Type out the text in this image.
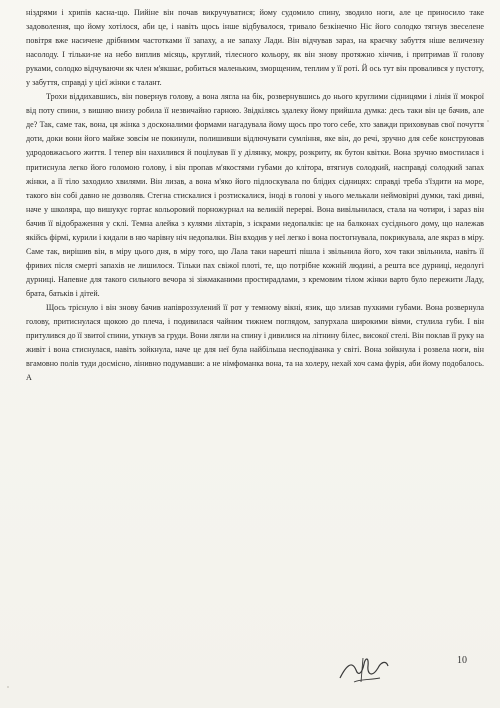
ніздрями і хрипів касна-що. Пийіне він почав викручуватися; йому судомило спину, зводило ноги, але це приносило таке задоволення, що йому хотілося, аби це, і навіть щось інше відбувалося, тривало безкінечно Ніс його солодко тягнув звеселене повітря вже насичене дрібнимм частотками її запаху, а не запаху Лади. Він відчував зараз, на краєчку забуття ніше величезну насолоду. І тільки-не на небо виплив місяць, круглий, тілесного кольору, як він знову протяжно хінчив, і притримав її голову руками, солодко відчуваючи як член м'якшає, робиться маленьким, зморщеним, теплим у її роті. Й ось тут він провалився у пустоту, у забуття, справді у цієї жінки є талант.

Трохи віддихавшись, він повернув голову, а вона лягла на бік, розвернувшись до нього круглими сідницями і лінія її мокрої від поту спини, з вишню внизу робила її незвичайно гарною. Звідкілясь здалеку йому прийшла думка: десь таки він це бачив, але де? Так, саме так, вона, ця жінка з досконалими формами нагадувала йому щось про того себе, хто завжди приховував свої почуття доти, доки вони його майже зовсім не покинули, полишивши відлючувати сумління, яке він, до речі, зручно для себе конструював удродовжасього життя. І тепер він нахилився й поцілував її у ділянку, мокру, розкриту, як бутон квітки. Вона зручно вмостилася і притиснула легко його голомою голову, і він пропав м'якостями губами до клітора, втягнув солодкий, насправді солодкий запах жінки, а її тіло заходило хвилями. Він лизав, а вона м'яко його підлоскувала по блідих сідницях: справді треба з'їздити на море, такого він собі давно не дозволяв. Стегна стискалися і розтискалися, іноді в голові у нього мелькали неймовірні думки, такі дивні, наче у школяра, що вишукує гортає кольоровий порножурнал на великій перерві. Вона вивільнилася, стала на чотири, і зараз він бачив її відображення у склі. Темна алейка з кулями ліхтарів, з іскрами недопалків: це на балконах сусіднього дому, що належав якійсь фірмі, курили і кидали в ню чарівну ніч недопалки. Він входив у неї легко і вона постогнувала, покрикувала, але якраз в міру. Саме так, вирішив він, в міру цього дня, в міру того, що Лала таки нарешті пішла і звільнила його, хоч таки звільнила, навіть її фривих після смерті запахів не лишилося. Тільки пах свіжої плоті, те, що потрібне кожній людині, а решта все дурниці, недолугі дурниці. Напевне для такого сильного вечора зі зіжмаканими простирадлами, з кремовим тілом жінки варто було пережити Ладу, брата, батьків і дітей.

Щось тріснуло і він знову бачив напівроззулений її рот у темному вікні, язик, що злизав пухкими губами. Вона розвернула голову, притиснулася щокою до плеча, і подивилася чайним тижнем поглядом, запурхала широкими віями, стулила губи. І він притулився до її звитої спини, уткнув за груди. Вони лягли на спину і дивилися на літнину білес, високої стелі. Він поклав її руку на живіт і вона стиснулася, навіть зойкнула, наче це для неї була найбільша несподіванка у світі. Вона зойкнула і розвела ноги, він вгамовно полів туди досмісно, лінивно подумавши: а не німфоманка вона, та на холеру, нехай хоч сама фурія, аби йому подобалось. А

10
